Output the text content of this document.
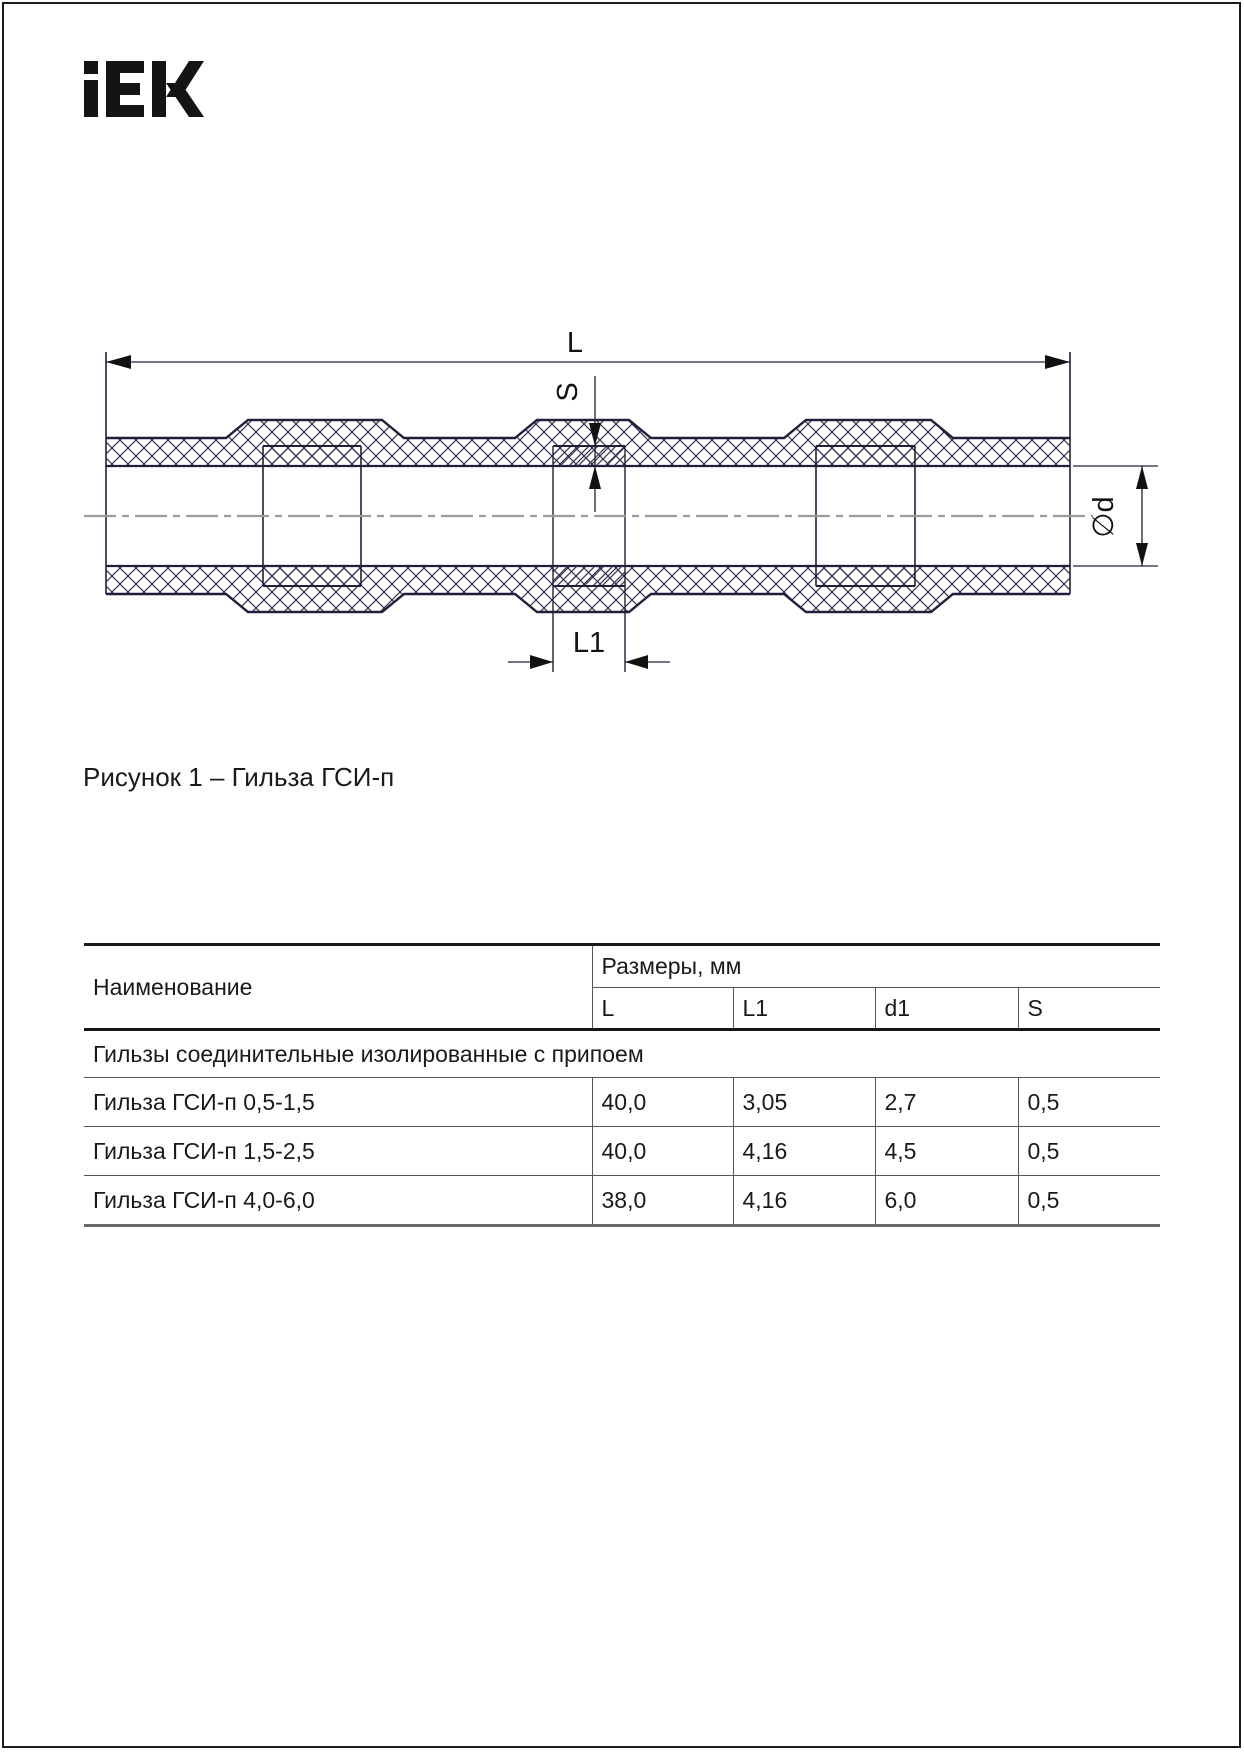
L
S
L1
∅d
Рисунок 1 – Гильза ГСИ-п
Наименование	Размеры, мм			
	L	L1	d1	S
Гильзы соединительные изолированные с припоем				
Гильза ГСИ-п 0,5-1,5	40,0	3,05	2,7	0,5
Гильза ГСИ-п 1,5-2,5	40,0	4,16	4,5	0,5
Гильза ГСИ-п 4,0-6,0	38,0	4,16	6,0	0,5
